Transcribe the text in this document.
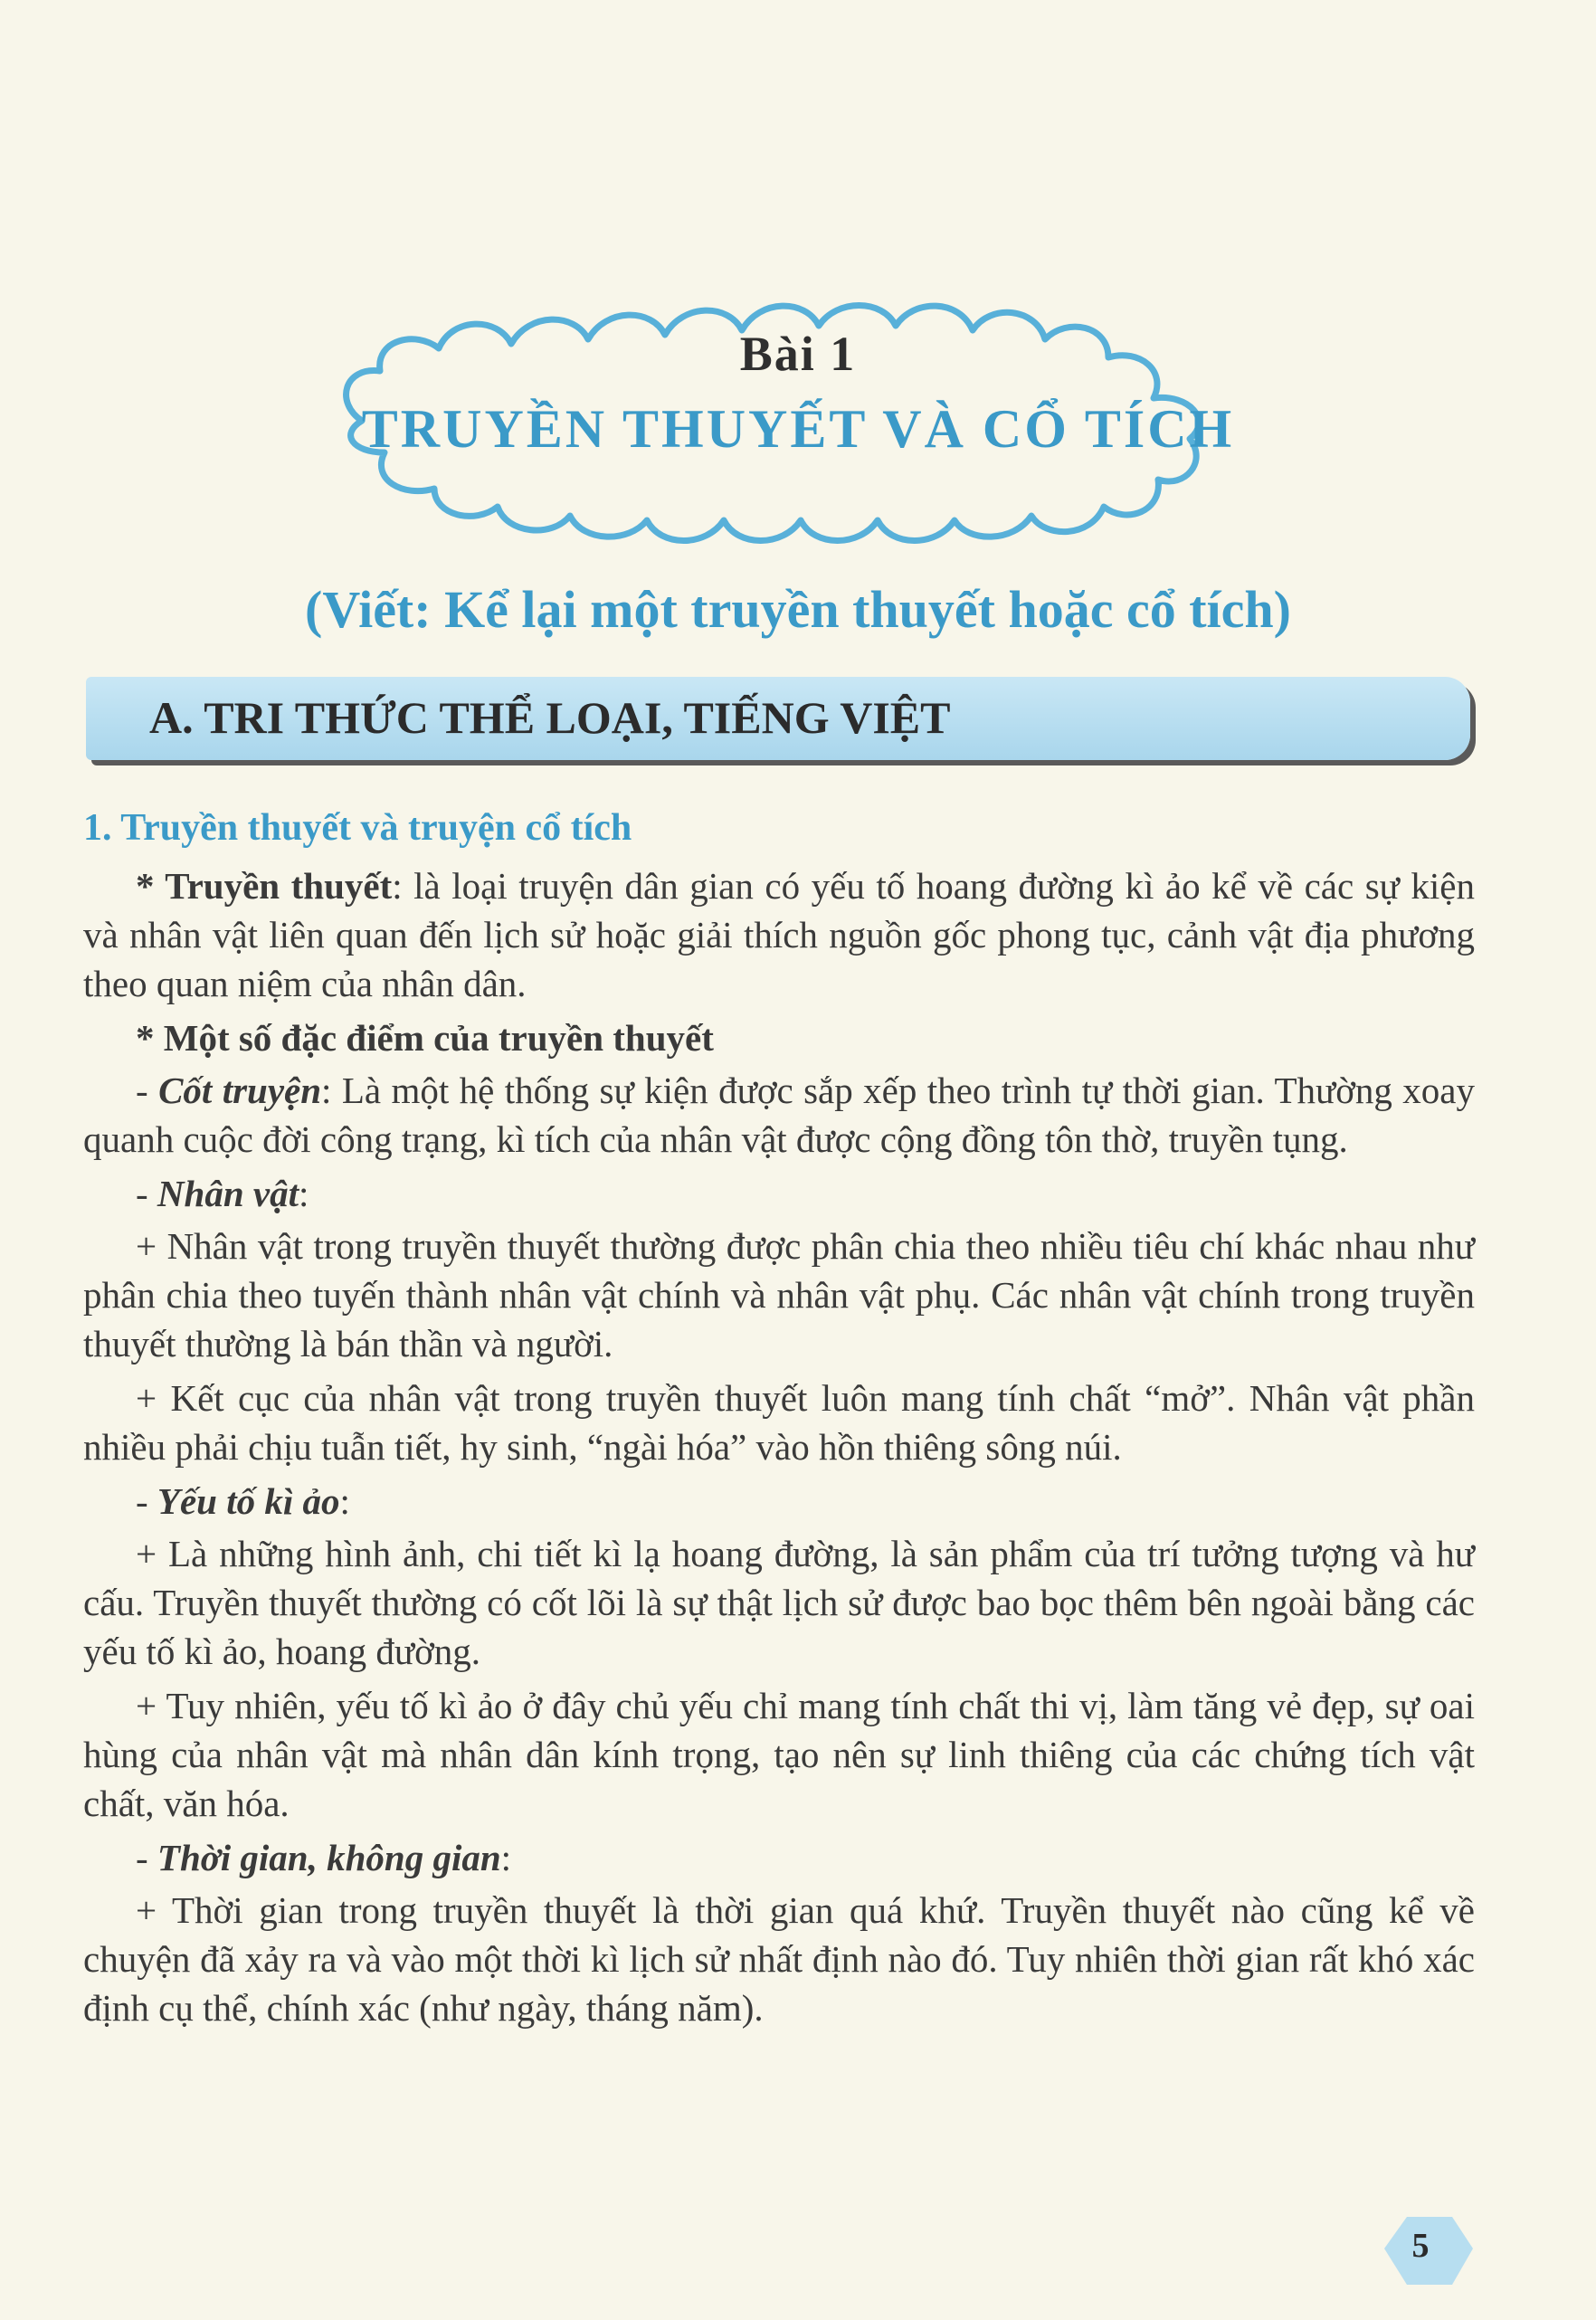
Bài 1
TRUYỀN THUYẾT VÀ CỔ TÍCH
(Viết: Kể lại một truyền thuyết hoặc cổ tích)
A. TRI THỨC THỂ LOẠI, TIẾNG VIỆT
1. Truyền thuyết và truyện cổ tích

* Truyền thuyết: là loại truyện dân gian có yếu tố hoang đường kì ảo kể về các sự kiện và nhân vật liên quan đến lịch sử hoặc giải thích nguồn gốc phong tục, cảnh vật địa phương theo quan niệm của nhân dân.

* Một số đặc điểm của truyền thuyết

- Cốt truyện: Là một hệ thống sự kiện được sắp xếp theo trình tự thời gian. Thường xoay quanh cuộc đời công trạng, kì tích của nhân vật được cộng đồng tôn thờ, truyền tụng.

- Nhân vật:

+ Nhân vật trong truyền thuyết thường được phân chia theo nhiều tiêu chí khác nhau như phân chia theo tuyến thành nhân vật chính và nhân vật phụ. Các nhân vật chính trong truyền thuyết thường là bán thần và người.

+ Kết cục của nhân vật trong truyền thuyết luôn mang tính chất “mở”. Nhân vật phần nhiều phải chịu tuẫn tiết, hy sinh, “ngài hóa” vào hồn thiêng sông núi.

- Yếu tố kì ảo:

+ Là những hình ảnh, chi tiết kì lạ hoang đường, là sản phẩm của trí tưởng tượng và hư cấu. Truyền thuyết thường có cốt lõi là sự thật lịch sử được bao bọc thêm bên ngoài bằng các yếu tố kì ảo, hoang đường.

+ Tuy nhiên, yếu tố kì ảo ở đây chủ yếu chỉ mang tính chất thi vị, làm tăng vẻ đẹp, sự oai hùng của nhân vật mà nhân dân kính trọng, tạo nên sự linh thiêng của các chứng tích vật chất, văn hóa.

- Thời gian, không gian:

+ Thời gian trong truyền thuyết là thời gian quá khứ. Truyền thuyết nào cũng kể về chuyện đã xảy ra và vào một thời kì lịch sử nhất định nào đó. Tuy nhiên thời gian rất khó xác định cụ thể, chính xác (như ngày, tháng năm).

5
